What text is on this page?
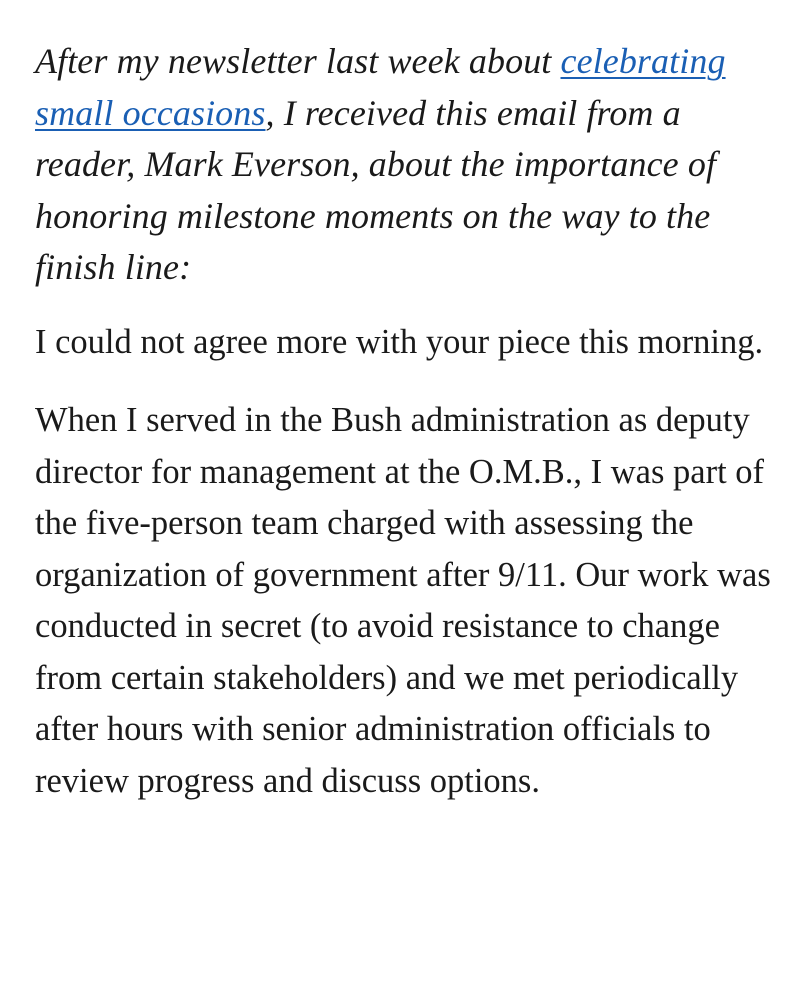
After my newsletter last week about celebrating small occasions, I received this email from a reader, Mark Everson, about the importance of honoring milestone moments on the way to the finish line:

I could not agree more with your piece this morning.

When I served in the Bush administration as deputy director for management at the O.M.B., I was part of the five-person team charged with assessing the organization of government after 9/11. Our work was conducted in secret (to avoid resistance to change from certain stakeholders) and we met periodically after hours with senior administration officials to review progress and discuss options.
